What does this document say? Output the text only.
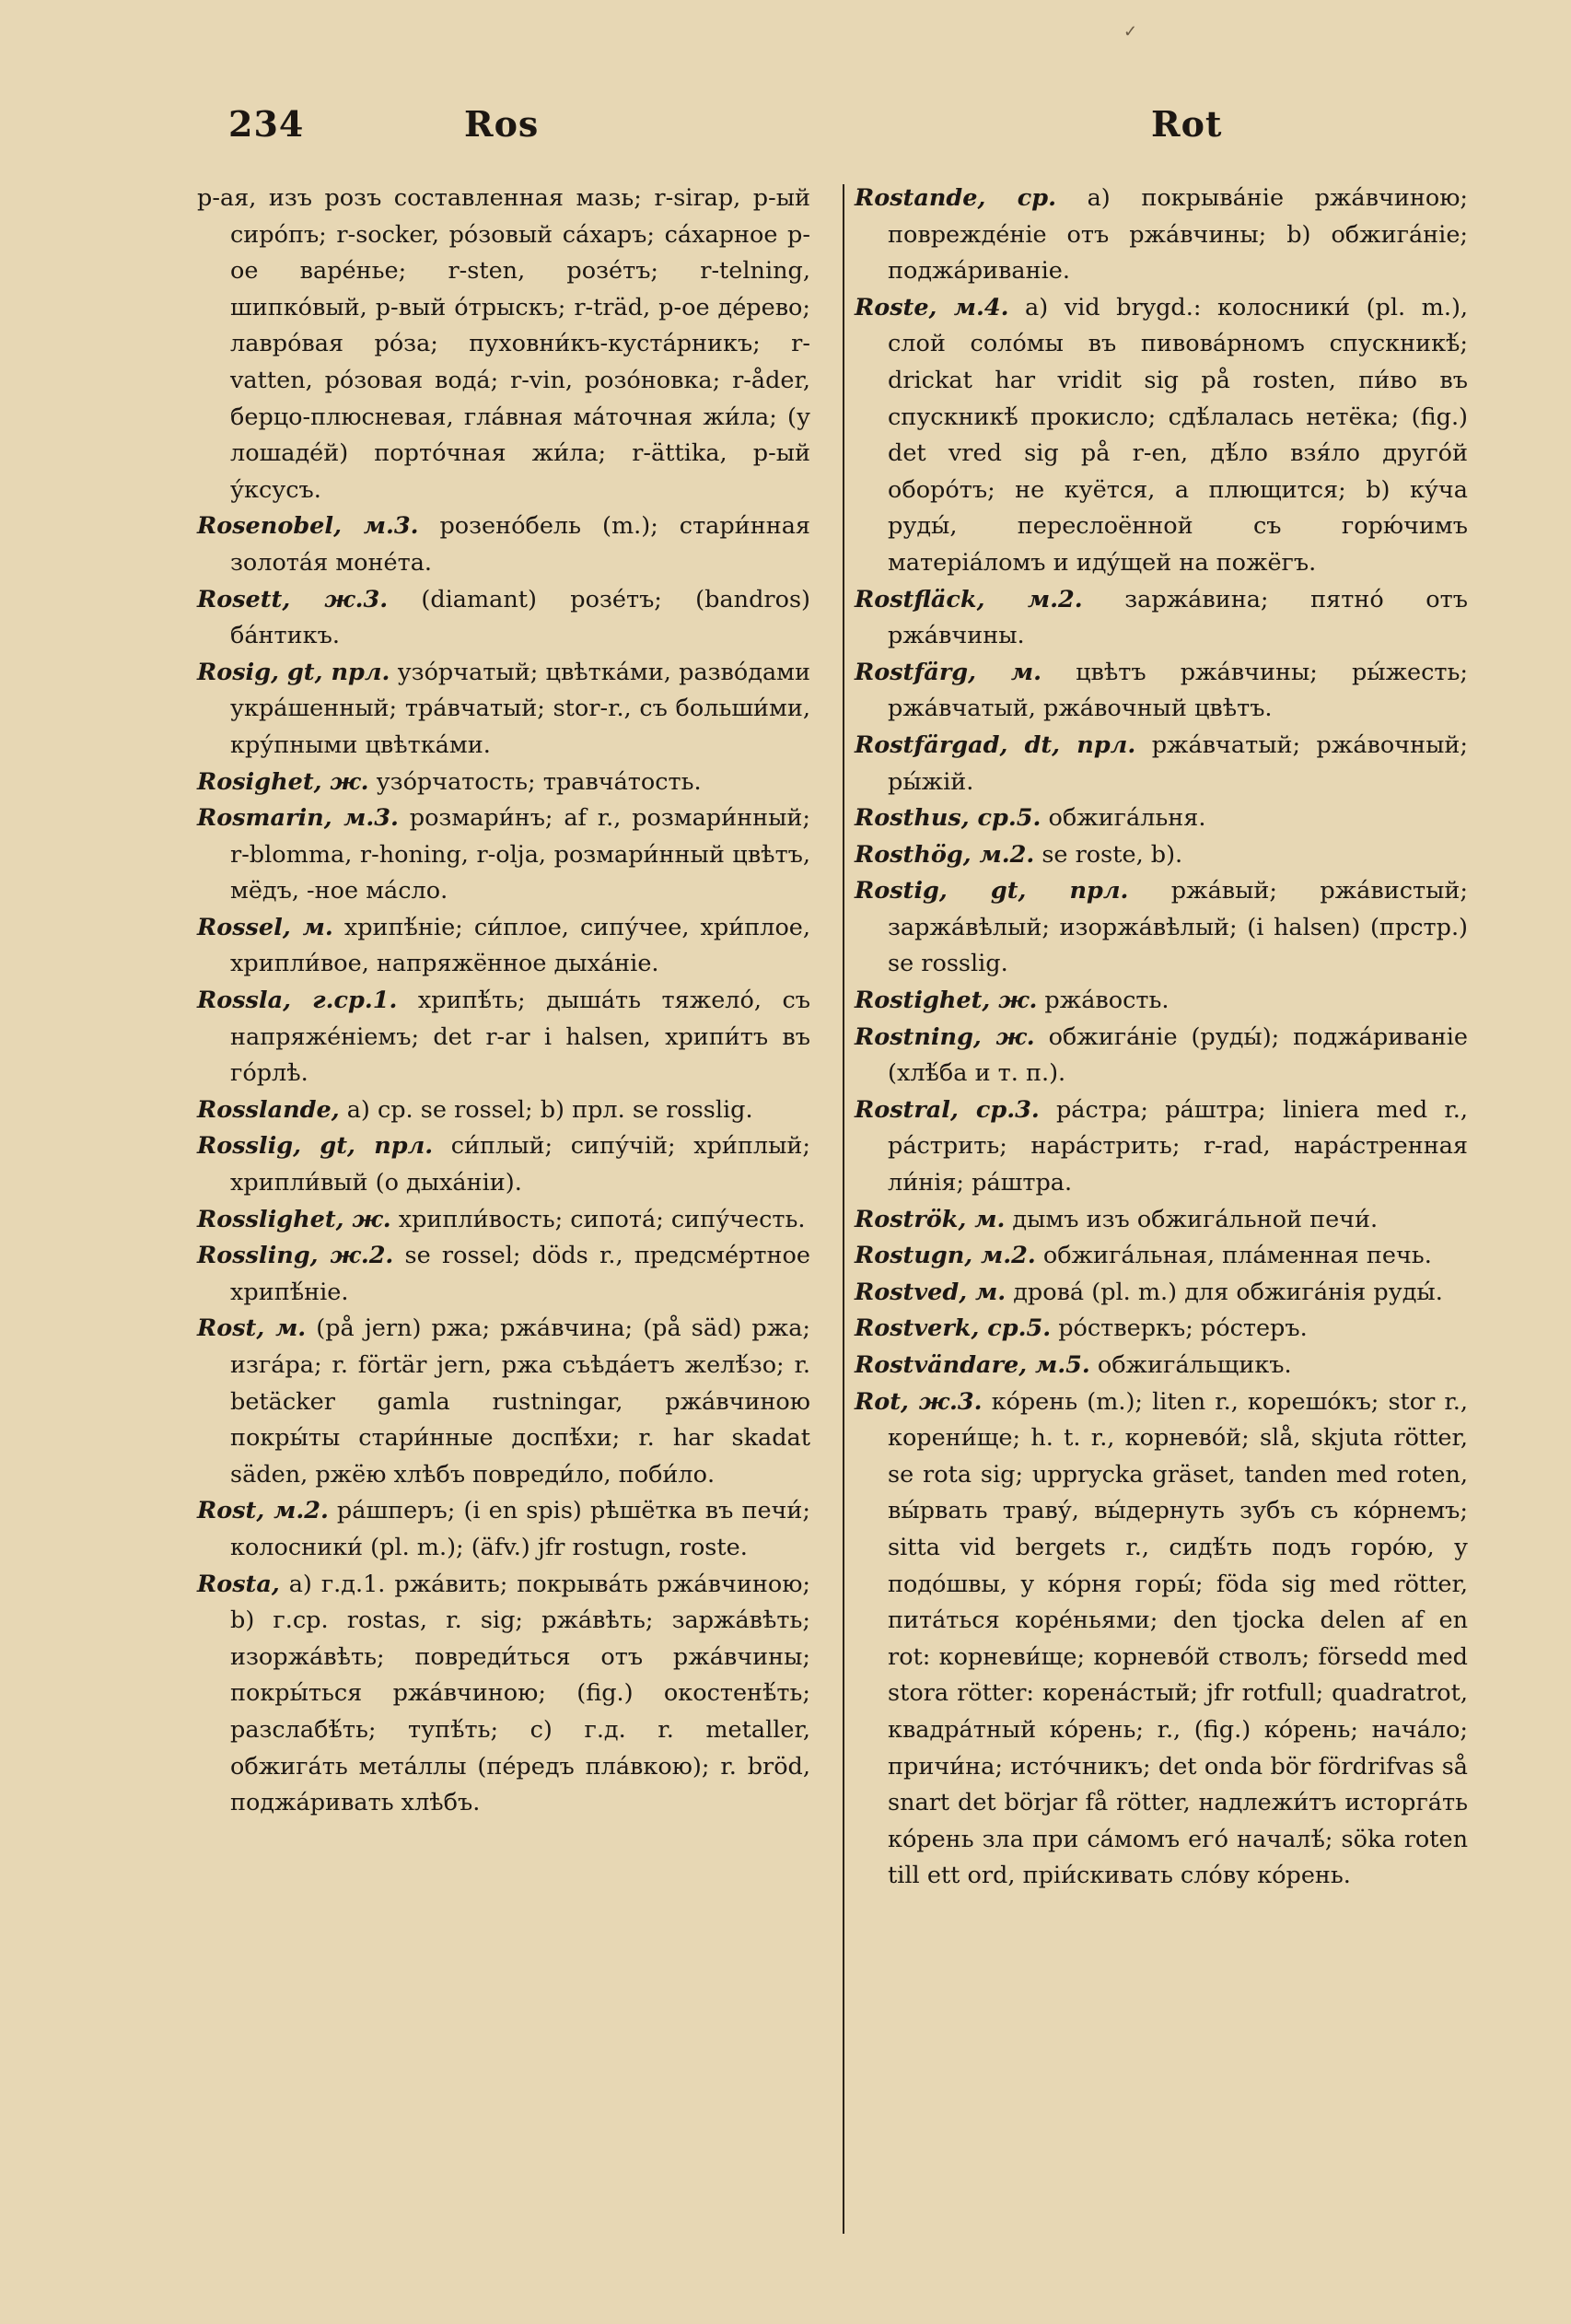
✓
234	Ros	Rot

р-ая, изъ розъ составленная мазь; r-sirap, р-ый сиро́пъ; r-socker, ро́зовый са́харъ; са́харное р-ое варе́нье; r-sten, розе́тъ; r-telning, шипко́вый, р-вый о́трыскъ; r-träd, р-ое де́рево; лавро́вая ро́за; пуховни́къ-куста́рникъ; r-vatten, ро́зовая вода́; r-vin, розо́новка; r-åder, берцо-плюсневая, гла́вная ма́точная жи́ла; (у лошаде́й) порто́чная жи́ла; r-ättika, р-ый у́ксусъ.

Rosenobel, м.3. розено́бель (m.); стари́нная золота́я моне́та.

Rosett, ж.3. (diamant) розе́тъ; (bandros) ба́нтикъ.

Rosig, gt, прл. узо́рчатый; цвѣтка́ми, разво́дами укра́шенный; тра́вчатый; stor-r., съ больши́ми, кру́пными цвѣтка́ми.

Rosighet, ж. узо́рчатость; травча́тость.

Rosmarin, м.3. розмари́нъ; af r., розмари́нный; r-blomma, r-honing, r-olja, розмари́нный цвѣтъ, мёдъ, -ное ма́сло.

Rossel, м. хрипѣ́ніе; си́плое, сипу́чее, хри́плое, хрипли́вое, напряжённое дыха́ніе.

Rossla, г.ср.1. хрипѣ́ть; дыша́ть тяжело́, съ напряже́ніемъ; det r-ar i halsen, хрипи́тъ въ го́рлѣ.

Rosslande, a) ср. se rossel; b) прл. se rosslig.

Rosslig, gt, прл. си́плый; сипу́чій; хри́плый; хрипли́вый (о дыха́ніи).

Rosslighet, ж. хрипли́вость; сипота́; сипу́честь.

Rossling, ж.2. se rossel; döds r., предсме́ртное хрипѣ́ніе.

Rost, м. (på jern) ржа; ржа́вчина; (på säd) ржа; изга́ра; r. förtär jern, ржа съѣда́етъ желѣ́зо; r. betäcker gamla rustningar, ржа́вчиною покры́ты стари́нные доспѣ́хи; r. har skadat säden, ржёю хлѣбъ повреди́ло, поби́ло.

Rost, м.2. ра́шперъ; (i en spis) рѣшётка въ печи́; колосники́ (pl. m.); (äfv.) jfr rostugn, roste.

Rosta, a) г.д.1. ржа́вить; покрыва́ть ржа́вчиною; b) г.ср. rostas, r. sig; ржа́вѣть; заржа́вѣть; изоржа́вѣть; повреди́ться отъ ржа́вчины; покры́ться ржа́вчиною; (fig.) окостенѣ́ть; разслабѣ́ть; тупѣ́ть; c) г.д. r. metaller, обжига́ть мета́ллы (пе́редъ пла́вкою); r. bröd, поджа́ривать хлѣбъ.

Rostande, ср. a) покрыва́ніе ржа́вчиною; поврежде́ніе отъ ржа́вчины; b) обжига́ніе; поджа́риваніе.

Roste, м.4. a) vid brygd.: колосники́ (pl. m.), слой соло́мы въ пивова́рномъ спускникѣ́; drickat har vridit sig på rosten, пи́во въ спускникѣ́ прокисло; сдѣ́лалась нетёка; (fig.) det vred sig på r-en, дѣ́ло взя́ло друго́й оборо́тъ; не куётся, а плющится; b) ку́ча руды́, переслоённой съ горю́чимъ матеріа́ломъ и иду́щей на пожёгъ.

Rostfläck, м.2. заржа́вина; пятно́ отъ ржа́вчины.

Rostfärg, м. цвѣтъ ржа́вчины; ры́жесть; ржа́вчатый, ржа́вочный цвѣтъ.

Rostfärgad, dt, прл. ржа́вчатый; ржа́вочный; ры́жій.

Rosthus, ср.5. обжига́льня.

Rosthög, м.2. se roste, b).

Rostig, gt, прл. ржа́вый; ржа́вистый; заржа́вѣлый; изоржа́вѣлый; (i halsen) (прстр.) se rosslig.

Rostighet, ж. ржа́вость.

Rostning, ж. обжига́ніе (руды́); поджа́риваніе (хлѣ́ба и т. п.).

Rostral, ср.3. ра́стра; ра́штра; liniera med r., ра́стрить; нара́стрить; r-rad, нара́стренная ли́нія; ра́штра.

Roströk, м. дымъ изъ обжига́льной печи́.

Rostugn, м.2. обжига́льная, пла́менная печь.

Rostved, м. дрова́ (pl. m.) для обжига́нія руды́.

Rostverk, ср.5. ро́стверкъ; ро́стеръ.

Rostvändare, м.5. обжига́льщикъ.

Rot, ж.3. ко́рень (m.); liten r., корешо́къ; stor r., корени́ще; h. t. r., корнево́й; slå, skjuta rötter, se rota sig; uppryckа gräset, tanden med roten, вы́рвать траву́, вы́дернуть зубъ съ ко́рнемъ; sitta vid bergets r., сидѣ́ть подъ горо́ю, у подо́швы, у ко́рня горы́; föda sig med rötter, пита́ться коре́ньями; den tjocka delen af en rot: корневи́ще; корнево́й стволъ; försedd med stora rötter: корена́стый; jfr rotfull; quadratrot, квадра́тный ко́рень; r., (fig.) ко́рень; нача́ло; причи́на; исто́чникъ; det onda bör fördrifvas så snart det börjar få rötter, надлежи́тъ исторга́ть ко́рень зла при са́момъ его́ началѣ́; söka roten till ett ord, пріи́скивать сло́ву ко́рень.
